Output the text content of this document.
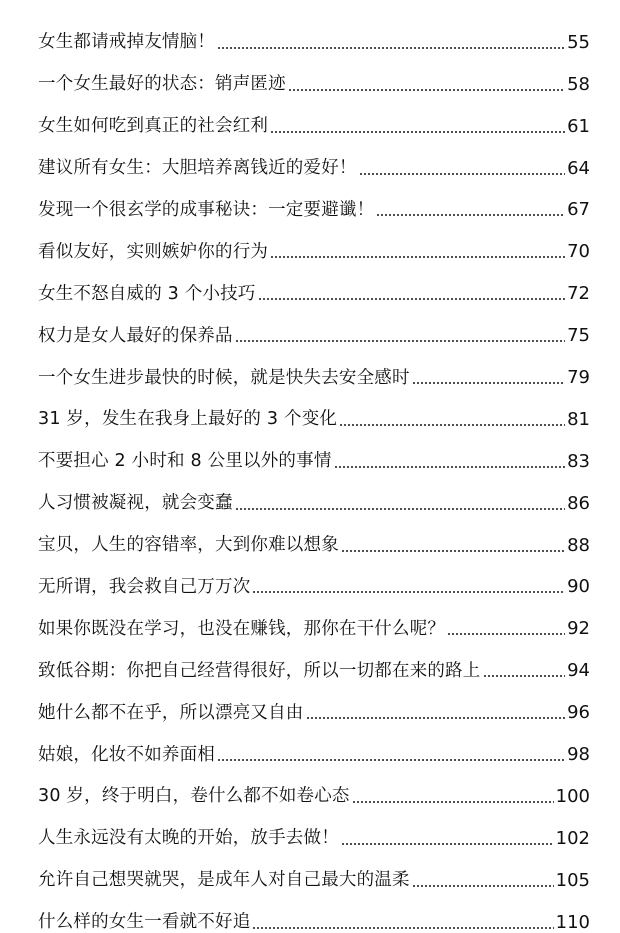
女生都请戒掉友情脑！	55
一个女生最好的状态：销声匿迹	58
女生如何吃到真正的社会红利	61
建议所有女生：大胆培养离钱近的爱好！	64
发现一个很玄学的成事秘诀：一定要避谶！	67
看似友好，实则嫉妒你的行为	70
女生不怒自威的 3 个小技巧	72
权力是女人最好的保养品	75
一个女生进步最快的时候，就是快失去安全感时	79
31 岁，发生在我身上最好的 3 个变化	81
不要担心 2 小时和 8 公里以外的事情	83
人习惯被凝视，就会变蠢	86
宝贝，人生的容错率，大到你难以想象	88
无所谓，我会救自己万万次	90
如果你既没在学习，也没在赚钱，那你在干什么呢？	92
致低谷期：你把自己经营得很好，所以一切都在来的路上	94
她什么都不在乎，所以漂亮又自由	96
姑娘，化妆不如养面相	98
30 岁，终于明白，卷什么都不如卷心态	100
人生永远没有太晚的开始，放手去做！	102
允许自己想哭就哭，是成年人对自己最大的温柔	105
什么样的女生一看就不好追	110
